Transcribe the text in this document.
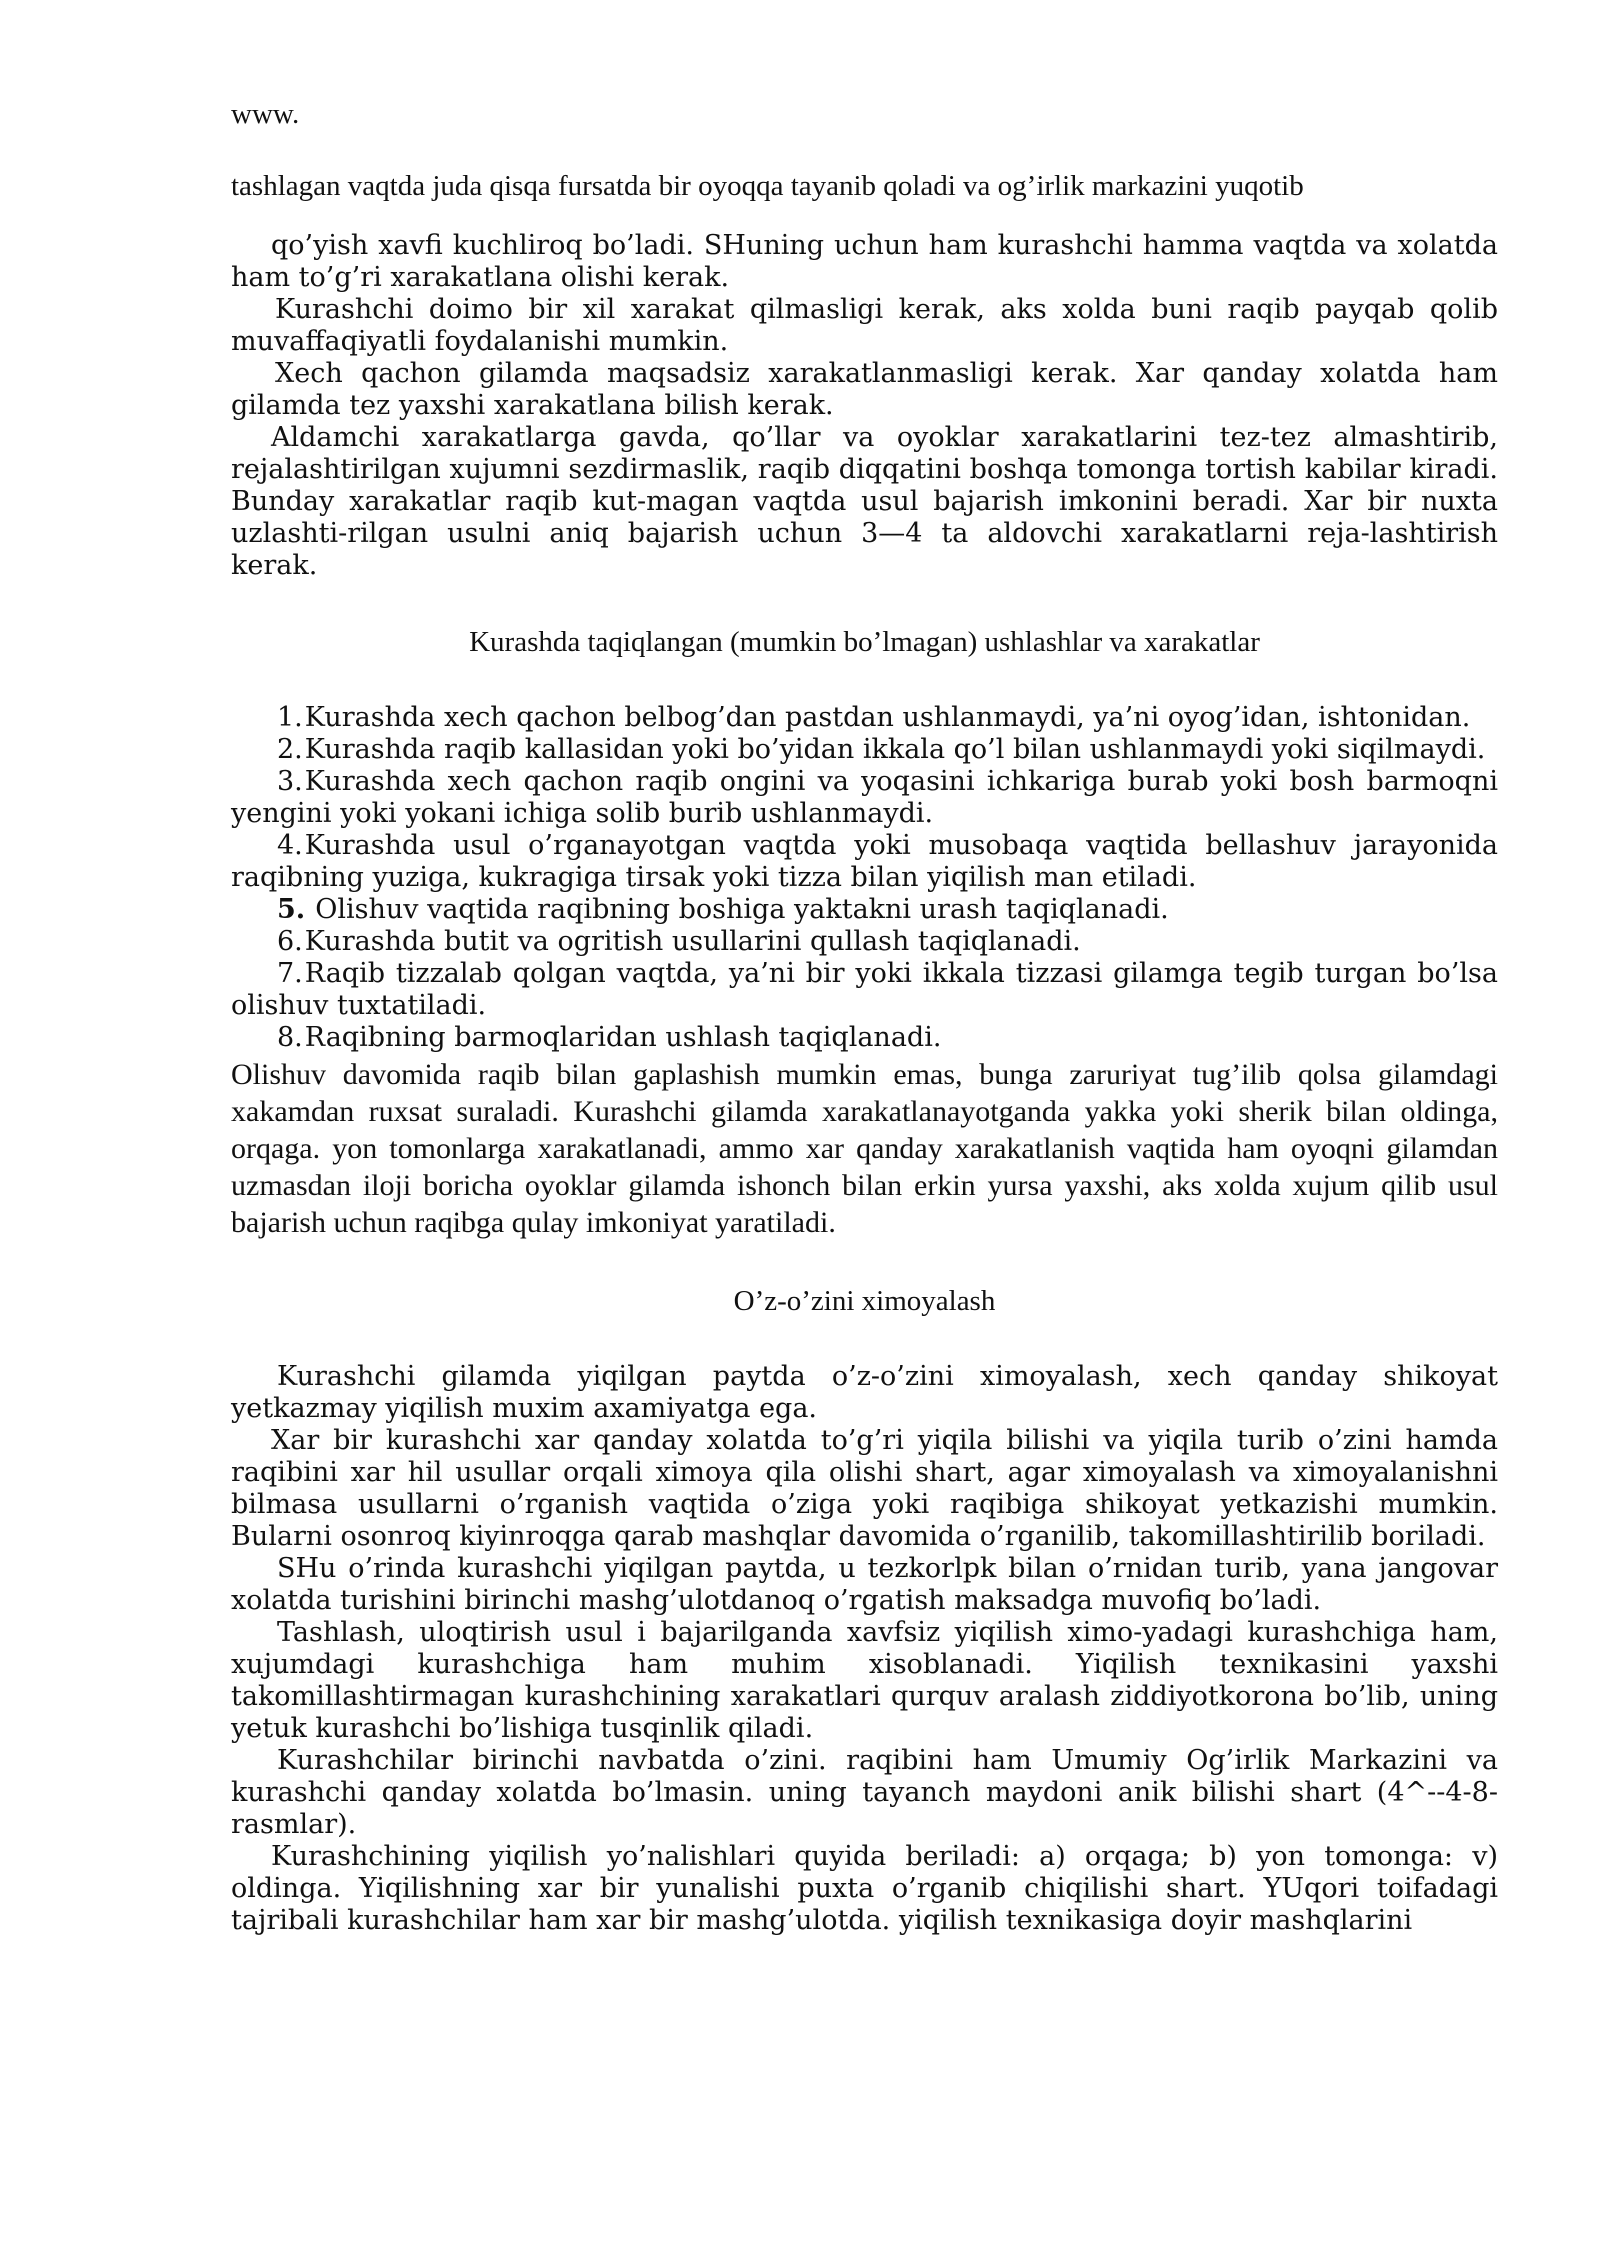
www.

tashlagan vaqtda juda qisqa fursatda bir oyoqqa tayanib qoladi va og’irlik markazini yuqotib

qo’yish xavfi kuchliroq bo’ladi. SHuning uchun ham kurashchi hamma vaqtda va xolatda ham to’g’ri xarakatlana olishi kerak.

Kurashchi doimo bir xil xarakat qilmasligi kerak, aks xolda buni raqib payqab qolib muvaffaqiyatli foydalanishi mumkin.

Xech qachon gilamda maqsadsiz xarakatlanmasligi kerak. Xar qanday xolatda ham gilamda tez yaxshi xarakatlana bilish kerak.

Aldamchi xarakatlarga gavda, qo’llar va oyoklar xarakatlarini tez-tez almashtirib, rejalashtirilgan xujumni sezdirmaslik, raqib diqqatini boshqa tomonga tortish kabilar kiradi. Bunday xarakatlar raqib kut-magan vaqtda usul bajarish imkonini beradi. Xar bir nuxta uzlashti-rilgan usulni aniq bajarish uchun 3—4 ta aldovchi xarakatlarni reja-lashtirish kerak.

Kurashda taqiqlangan (mumkin bo’lmagan) ushlashlar va xarakatlar

1.Kurashda xech qachon belbog’dan pastdan ushlanmaydi, ya’ni oyog’idan, ishtonidan.

2.Kurashda raqib kallasidan yoki bo’yidan ikkala qo’l bilan ushlanmaydi yoki siqilmaydi.

3.Kurashda xech qachon raqib ongini va yoqasini ichkariga burab yoki bosh barmoqni yengini yoki yokani ichiga solib burib ushlanmaydi.

4.Kurashda usul o’rganayotgan vaqtda yoki musobaqa vaqtida bellashuv jarayonida raqibning yuziga, kukragiga tirsak yoki tizza bilan yiqilish man etiladi.

5. Olishuv vaqtida raqibning boshiga yaktakni urash taqiqlanadi.

6.Kurashda butit va ogritish usullarini qullash taqiqlanadi.

7.Raqib tizzalab qolgan vaqtda, ya’ni bir yoki ikkala tizzasi gilamga tegib turgan bo’lsa olishuv tuxtatiladi.

8.Raqibning barmoqlaridan ushlash taqiqlanadi.

Olishuv davomida raqib bilan gaplashish mumkin emas, bunga zaruriyat tug’ilib qolsa gilamdagi xakamdan ruxsat suraladi. Kurashchi gilamda xarakatlanayotganda yakka yoki sherik bilan oldinga, orqaga. yon tomonlarga xarakatlanadi, ammo xar qanday xarakatlanish vaqtida ham oyoqni gilamdan uzmasdan iloji boricha oyoklar gilamda ishonch bilan erkin yursa yaxshi, aks xolda xujum qilib usul bajarish uchun raqibga qulay imkoniyat yaratiladi.

O’z-o’zini ximoyalash

Kurashchi gilamda yiqilgan paytda o’z-o’zini ximoyalash, xech qanday shikoyat yetkazmay yiqilish muxim axamiyatga ega.

Xar bir kurashchi xar qanday xolatda to’g’ri yiqila bilishi va yiqila turib o’zini hamda raqibini xar hil usullar orqali ximoya qila olishi shart, agar ximoyalash va ximoyalanishni bilmasa usullarni o’rganish vaqtida o’ziga yoki raqibiga shikoyat yetkazishi mumkin. Bularni osonroq kiyinroqga qarab mashqlar davomida o’rganilib, takomillashtirilib boriladi.

SHu o’rinda kurashchi yiqilgan paytda, u tezkorlpk bilan o’rnidan turib, yana jangovar xolatda turishini birinchi mashg’ulotdanoq o’rgatish maksadga muvofiq bo’ladi.

Tashlash, uloqtirish usul i bajarilganda xavfsiz yiqilish ximo-yadagi kurashchiga ham, xujumdagi kurashchiga ham muhim xisoblanadi. Yiqilish texnikasini yaxshi takomillashtirmagan kurashchining xarakatlari qurquv aralash ziddiyotkorona bo’lib, uning yetuk kurashchi bo’lishiga tusqinlik qiladi.

Kurashchilar birinchi navbatda o’zini. raqibini ham Umumiy Og’irlik Markazini va kurashchi qanday xolatda bo’lmasin. uning tayanch maydoni anik bilishi shart (4^--4-8-rasmlar).

Kurashchining yiqilish yo’nalishlari quyida beriladi: a) orqaga; b) yon tomonga: v) oldinga. Yiqilishning xar bir yunalishi puxta o’rganib chiqilishi shart. YUqori toifadagi tajribali kurashchilar ham xar bir mashg’ulotda. yiqilish texnikasiga doyir mashqlarini
